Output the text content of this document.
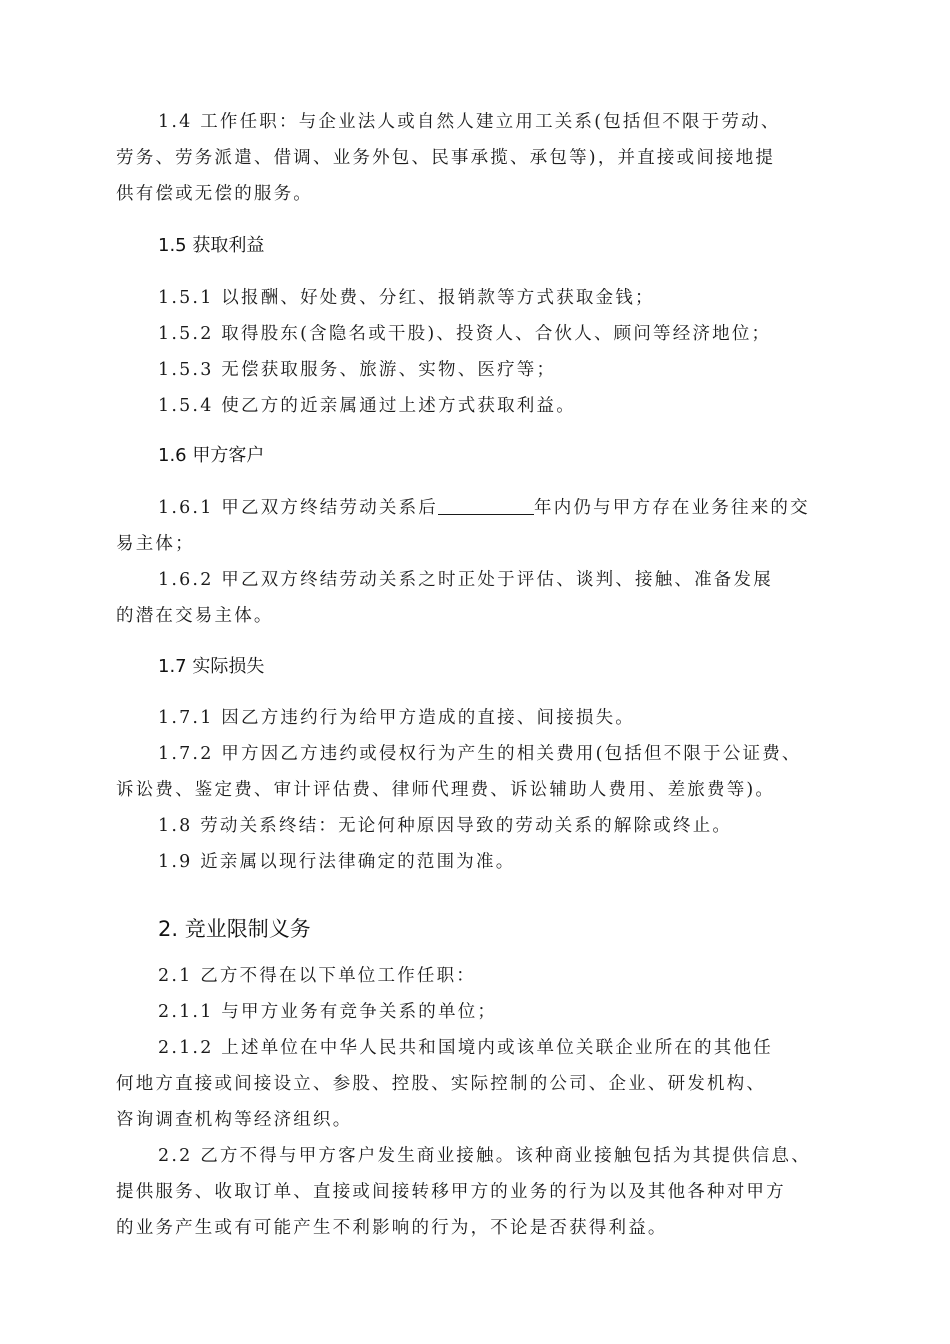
1.4 工作任职：与企业法人或自然人建立用工关系(包括但不限于劳动、
劳务、劳务派遣、借调、业务外包、民事承揽、承包等)，并直接或间接地提
供有偿或无偿的服务。
1.5 获取利益
1.5.1 以报酬、好处费、分红、报销款等方式获取金钱；
1.5.2 取得股东(含隐名或干股)、投资人、合伙人、顾问等经济地位；
1.5.3 无偿获取服务、旅游、实物、医疗等；
1.5.4 使乙方的近亲属通过上述方式获取利益。
1.6 甲方客户
1.6.1 甲乙双方终结劳动关系后	年内仍与甲方存在业务往来的交
易主体；
1.6.2 甲乙双方终结劳动关系之时正处于评估、谈判、接触、准备发展
的潜在交易主体。
1.7 实际损失
1.7.1 因乙方违约行为给甲方造成的直接、间接损失。
1.7.2 甲方因乙方违约或侵权行为产生的相关费用(包括但不限于公证费、
诉讼费、鉴定费、审计评估费、律师代理费、诉讼辅助人费用、差旅费等)。
1.8 劳动关系终结：无论何种原因导致的劳动关系的解除或终止。
1.9 近亲属以现行法律确定的范围为准。
2. 竞业限制义务
2.1 乙方不得在以下单位工作任职：
2.1.1 与甲方业务有竞争关系的单位；
2.1.2 上述单位在中华人民共和国境内或该单位关联企业所在的其他任
何地方直接或间接设立、参股、控股、实际控制的公司、企业、研发机构、
咨询调查机构等经济组织。
2.2 乙方不得与甲方客户发生商业接触。该种商业接触包括为其提供信息、
提供服务、收取订单、直接或间接转移甲方的业务的行为以及其他各种对甲方
的业务产生或有可能产生不利影响的行为，不论是否获得利益。
